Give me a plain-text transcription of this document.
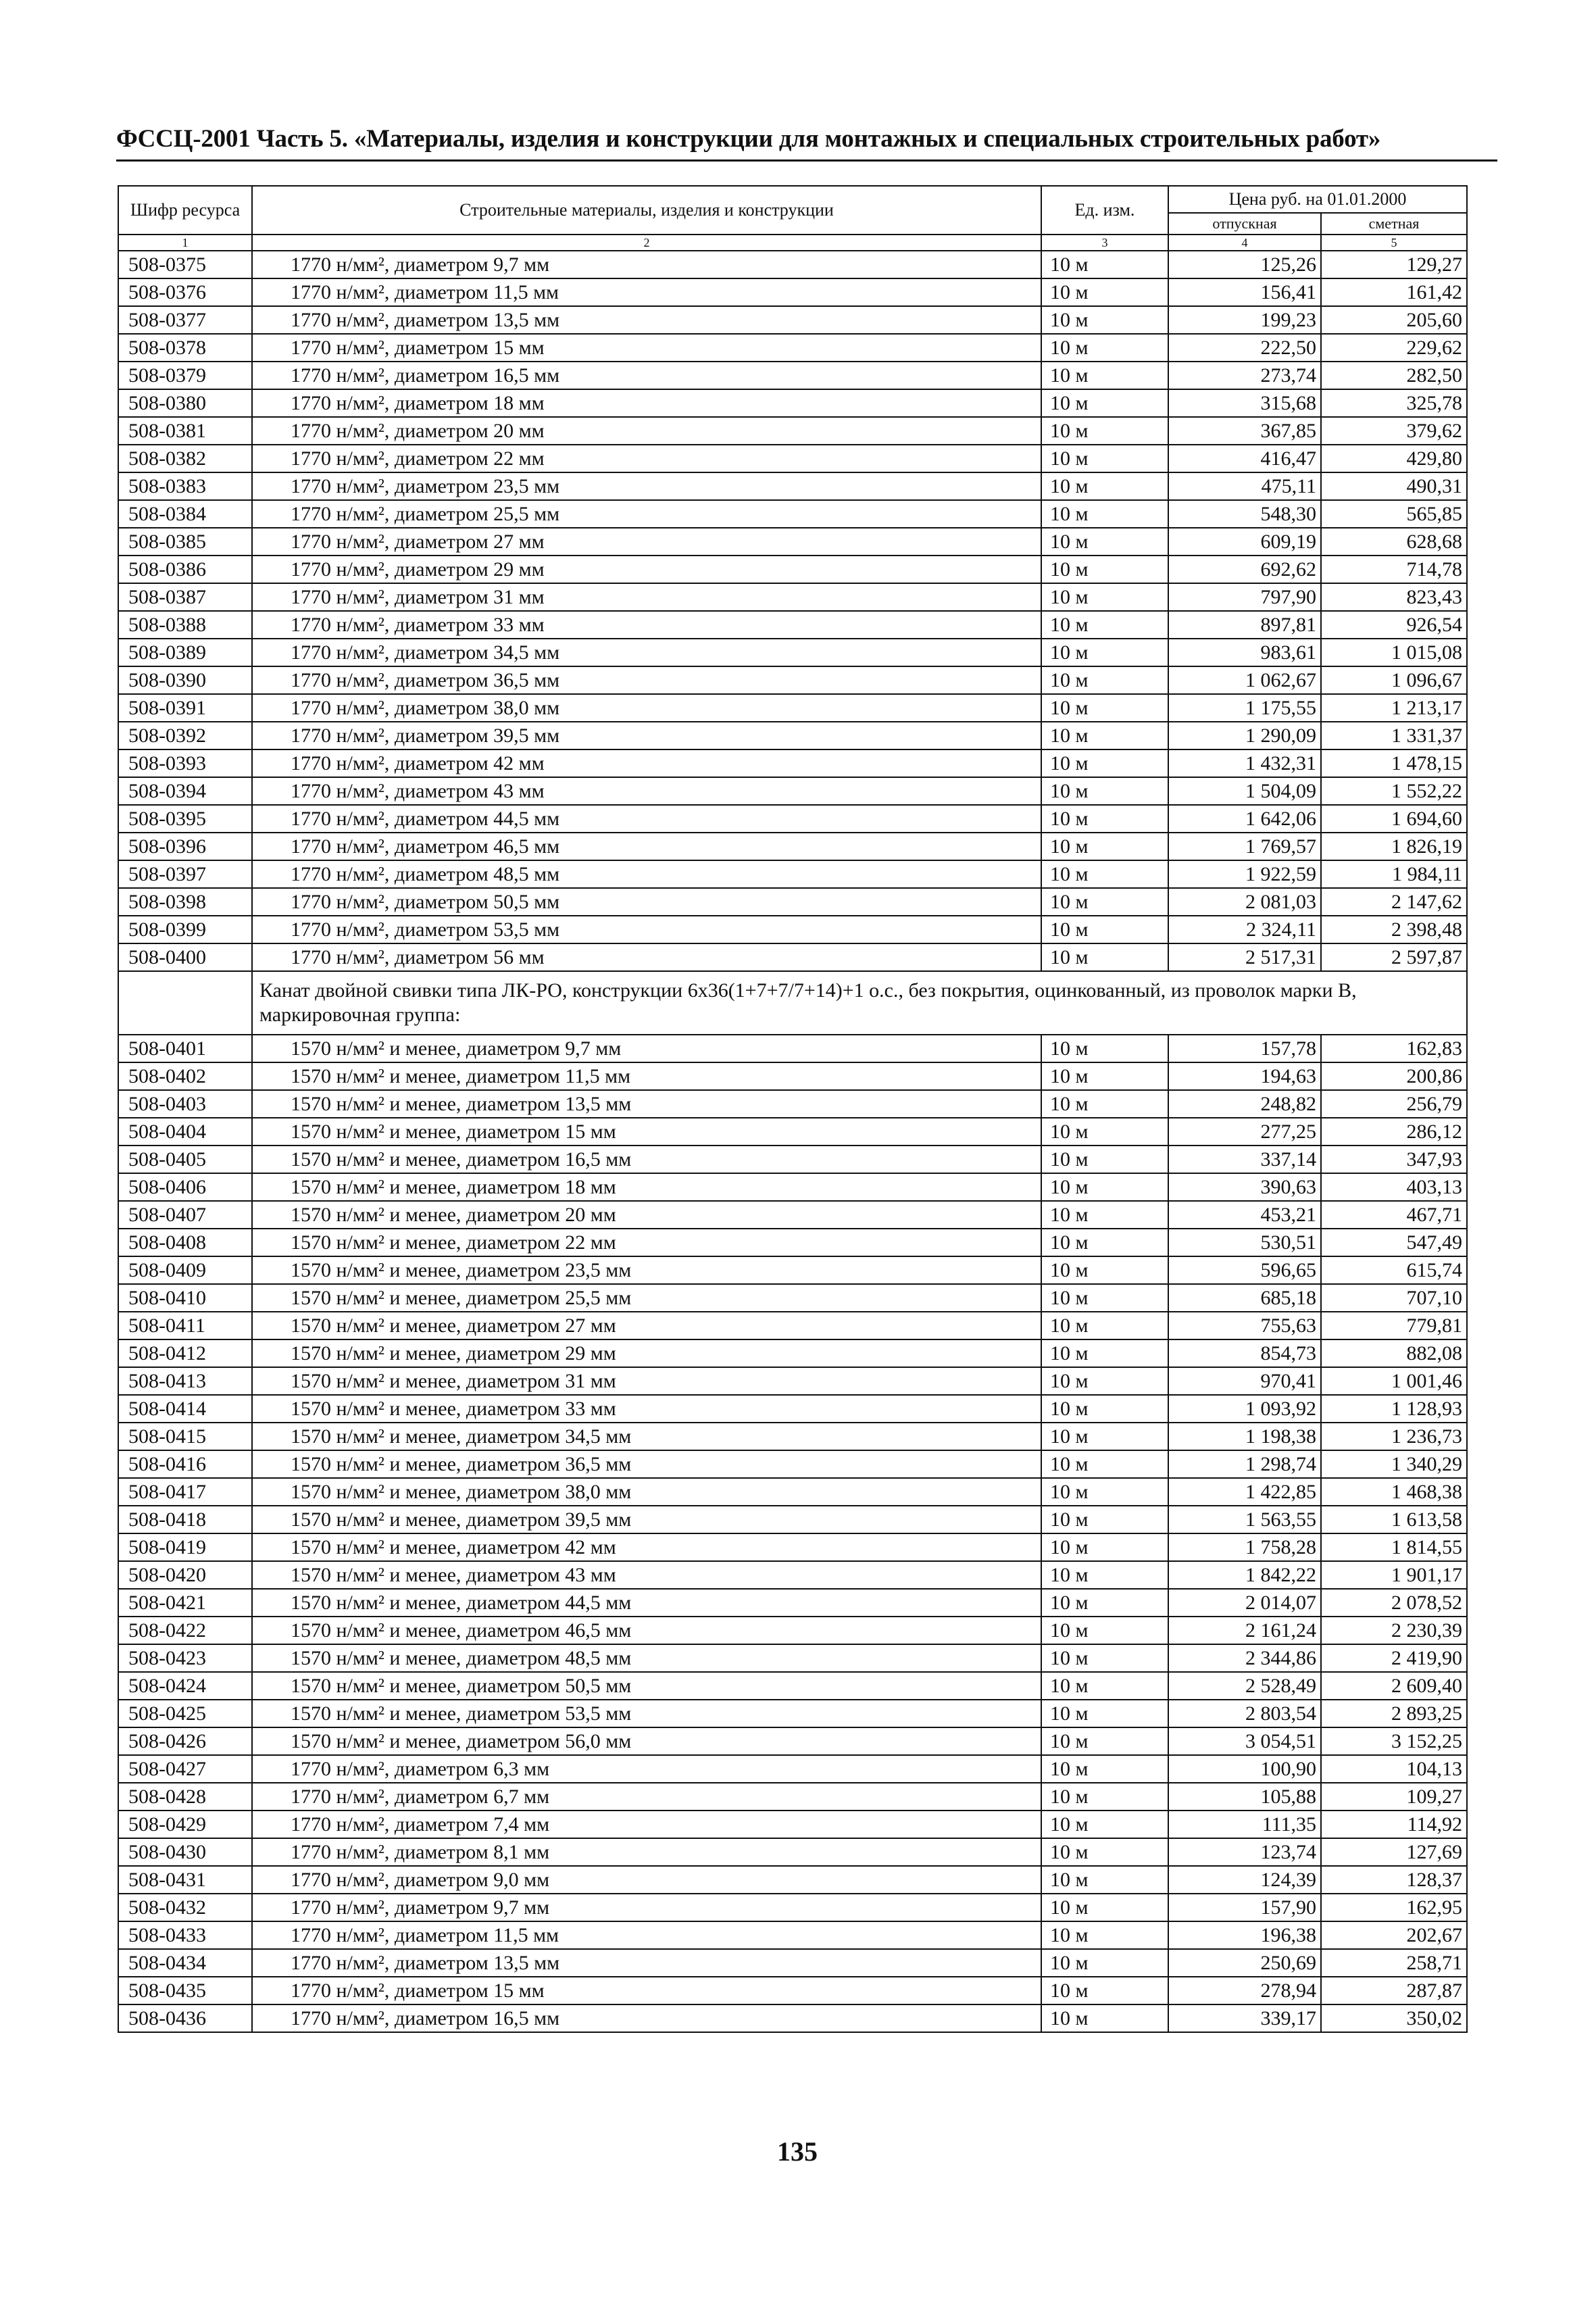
ФССЦ-2001 Часть 5. «Материалы, изделия и конструкции для монтажных и специальных строительных работ»
Шифр ресурса	Строительные материалы, изделия и конструкции	Ед. изм.	Цена руб. на 01.01.2000	
			отпускная	сметная
1	2	3	4	5
508-0375	1770 н/мм², диаметром 9,7 мм	10 м	125,26	129,27
508-0376	1770 н/мм², диаметром 11,5 мм	10 м	156,41	161,42
508-0377	1770 н/мм², диаметром 13,5 мм	10 м	199,23	205,60
508-0378	1770 н/мм², диаметром 15 мм	10 м	222,50	229,62
508-0379	1770 н/мм², диаметром 16,5 мм	10 м	273,74	282,50
508-0380	1770 н/мм², диаметром 18 мм	10 м	315,68	325,78
508-0381	1770 н/мм², диаметром 20 мм	10 м	367,85	379,62
508-0382	1770 н/мм², диаметром 22 мм	10 м	416,47	429,80
508-0383	1770 н/мм², диаметром 23,5 мм	10 м	475,11	490,31
508-0384	1770 н/мм², диаметром 25,5 мм	10 м	548,30	565,85
508-0385	1770 н/мм², диаметром 27 мм	10 м	609,19	628,68
508-0386	1770 н/мм², диаметром 29 мм	10 м	692,62	714,78
508-0387	1770 н/мм², диаметром 31 мм	10 м	797,90	823,43
508-0388	1770 н/мм², диаметром 33 мм	10 м	897,81	926,54
508-0389	1770 н/мм², диаметром 34,5 мм	10 м	983,61	1 015,08
508-0390	1770 н/мм², диаметром 36,5 мм	10 м	1 062,67	1 096,67
508-0391	1770 н/мм², диаметром 38,0 мм	10 м	1 175,55	1 213,17
508-0392	1770 н/мм², диаметром 39,5 мм	10 м	1 290,09	1 331,37
508-0393	1770 н/мм², диаметром 42 мм	10 м	1 432,31	1 478,15
508-0394	1770 н/мм², диаметром 43 мм	10 м	1 504,09	1 552,22
508-0395	1770 н/мм², диаметром 44,5 мм	10 м	1 642,06	1 694,60
508-0396	1770 н/мм², диаметром 46,5 мм	10 м	1 769,57	1 826,19
508-0397	1770 н/мм², диаметром 48,5 мм	10 м	1 922,59	1 984,11
508-0398	1770 н/мм², диаметром 50,5 мм	10 м	2 081,03	2 147,62
508-0399	1770 н/мм², диаметром 53,5 мм	10 м	2 324,11	2 398,48
508-0400	1770 н/мм², диаметром 56 мм	10 м	2 517,31	2 597,87
	Канат двойной свивки типа ЛК-РО, конструкции 6х36(1+7+7/7+14)+1 о.с., без покрытия, оцинкованный, из проволок марки В, маркировочная группа:			
508-0401	1570 н/мм² и менее, диаметром 9,7 мм	10 м	157,78	162,83
508-0402	1570 н/мм² и менее, диаметром 11,5 мм	10 м	194,63	200,86
508-0403	1570 н/мм² и менее, диаметром 13,5 мм	10 м	248,82	256,79
508-0404	1570 н/мм² и менее, диаметром 15 мм	10 м	277,25	286,12
508-0405	1570 н/мм² и менее, диаметром 16,5 мм	10 м	337,14	347,93
508-0406	1570 н/мм² и менее, диаметром 18 мм	10 м	390,63	403,13
508-0407	1570 н/мм² и менее, диаметром 20 мм	10 м	453,21	467,71
508-0408	1570 н/мм² и менее, диаметром 22 мм	10 м	530,51	547,49
508-0409	1570 н/мм² и менее, диаметром 23,5 мм	10 м	596,65	615,74
508-0410	1570 н/мм² и менее, диаметром 25,5 мм	10 м	685,18	707,10
508-0411	1570 н/мм² и менее, диаметром 27 мм	10 м	755,63	779,81
508-0412	1570 н/мм² и менее, диаметром 29 мм	10 м	854,73	882,08
508-0413	1570 н/мм² и менее, диаметром 31 мм	10 м	970,41	1 001,46
508-0414	1570 н/мм² и менее, диаметром 33 мм	10 м	1 093,92	1 128,93
508-0415	1570 н/мм² и менее, диаметром 34,5 мм	10 м	1 198,38	1 236,73
508-0416	1570 н/мм² и менее, диаметром 36,5 мм	10 м	1 298,74	1 340,29
508-0417	1570 н/мм² и менее, диаметром 38,0 мм	10 м	1 422,85	1 468,38
508-0418	1570 н/мм² и менее, диаметром 39,5 мм	10 м	1 563,55	1 613,58
508-0419	1570 н/мм² и менее, диаметром 42 мм	10 м	1 758,28	1 814,55
508-0420	1570 н/мм² и менее, диаметром 43 мм	10 м	1 842,22	1 901,17
508-0421	1570 н/мм² и менее, диаметром 44,5 мм	10 м	2 014,07	2 078,52
508-0422	1570 н/мм² и менее, диаметром 46,5 мм	10 м	2 161,24	2 230,39
508-0423	1570 н/мм² и менее, диаметром 48,5 мм	10 м	2 344,86	2 419,90
508-0424	1570 н/мм² и менее, диаметром 50,5 мм	10 м	2 528,49	2 609,40
508-0425	1570 н/мм² и менее, диаметром 53,5 мм	10 м	2 803,54	2 893,25
508-0426	1570 н/мм² и менее, диаметром 56,0 мм	10 м	3 054,51	3 152,25
508-0427	1770 н/мм², диаметром 6,3 мм	10 м	100,90	104,13
508-0428	1770 н/мм², диаметром 6,7 мм	10 м	105,88	109,27
508-0429	1770 н/мм², диаметром 7,4 мм	10 м	111,35	114,92
508-0430	1770 н/мм², диаметром 8,1 мм	10 м	123,74	127,69
508-0431	1770 н/мм², диаметром 9,0 мм	10 м	124,39	128,37
508-0432	1770 н/мм², диаметром 9,7 мм	10 м	157,90	162,95
508-0433	1770 н/мм², диаметром 11,5 мм	10 м	196,38	202,67
508-0434	1770 н/мм², диаметром 13,5 мм	10 м	250,69	258,71
508-0435	1770 н/мм², диаметром 15 мм	10 м	278,94	287,87
508-0436	1770 н/мм², диаметром 16,5 мм	10 м	339,17	350,02
135
